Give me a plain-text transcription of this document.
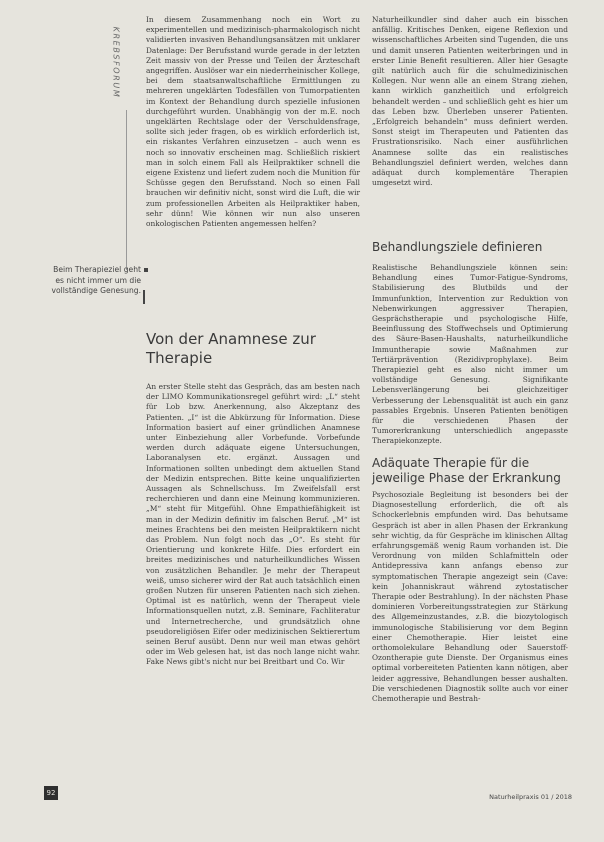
KREBSFORUM
Beim Therapieziel geht es nicht immer um die vollständige Genesung.

In diesem Zusammenhang noch ein Wort zu experimentellen und medizinisch-pharmakologisch nicht validierten invasiven Behandlungsansätzen mit unklarer Datenlage: Der Berufsstand wurde gerade in der letzten Zeit massiv von der Presse und Teilen der Ärzteschaft angegriffen. Auslöser war ein niederrheinischer Kollege, bei dem staatsanwaltschaftliche Ermittlungen zu mehreren ungeklärten Todesfällen von Tumorpatienten im Kontext der Behandlung durch spezielle infusionen durchgeführt wurden. Unabhängig von der m.E. noch ungeklärten Rechtslage oder der Verschuldensfrage, sollte sich jeder fragen, ob es wirklich erforderlich ist, ein riskantes Verfahren einzusetzen – auch wenn es noch so innovativ erscheinen mag. Schließlich riskiert man in solch einem Fall als Heilpraktiker schnell die eigene Existenz und liefert zudem noch die Munition für Schüsse gegen den Berufsstand. Noch so einen Fall brauchen wir definitiv nicht, sonst wird die Luft, die wir zum professionellen Arbeiten als Heilpraktiker haben, sehr dünn! Wie können wir nun also unseren onkologischen Patienten angemessen helfen?

Von der Anamnese zur Therapie

An erster Stelle steht das Gespräch, das am besten nach der LIMO Kommunikationsregel geführt wird: „L“ steht für Lob bzw. Anerkennung, also Akzeptanz des Patienten. „I“ ist die Abkürzung für Information. Diese Information basiert auf einer gründlichen Anamnese unter Einbeziehung aller Vorbefunde. Vorbefunde werden durch adäquate eigene Untersuchungen, Laboranalysen etc. ergänzt. Aussagen und Informationen sollten unbedingt dem aktuellen Stand der Medizin entsprechen. Bitte keine unqualifizierten Aussagen als Schnellschuss. Im Zweifelsfall erst recherchieren und dann eine Meinung kommunizieren. „M“ steht für Mitgefühl. Ohne Empathiefähigkeit ist man in der Medizin definitiv im falschen Beruf. „M“ ist meines Erachtens bei den meisten Heilpraktikern nicht das Problem. Nun folgt noch das „O“. Es steht für Orientierung und konkrete Hilfe. Dies erfordert ein breites medizinisches und naturheilkundliches Wissen von zusätzlichen Behandler. Je mehr der Therapeut weiß, umso sicherer wird der Rat auch tatsächlich einen großen Nutzen für unseren Patienten nach sich ziehen. Optimal ist es natürlich, wenn der Therapeut viele Informationsquellen nutzt, z.B. Seminare, Fachliteratur und Internetrecherche, und grundsätzlich ohne pseudoreligiösen Eifer oder medizinischen Sektierertum seinen Beruf ausübt. Denn nur weil man etwas gehört oder im Web gelesen hat, ist das noch lange nicht wahr. Fake News gibt's nicht nur bei Breitbart und Co. Wir

Naturheilkundler sind daher auch ein bisschen anfällig. Kritisches Denken, eigene Reflexion und wissenschaftliches Arbeiten sind Tugenden, die uns und damit unseren Patienten weiterbringen und in erster Linie Benefit resultieren. Aller hier Gesagte gilt natürlich auch für die schulmedizinischen Kollegen. Nur wenn alle an einem Strang ziehen, kann wirklich ganzheitlich und erfolgreich behandelt werden – und schließlich geht es hier um das Leben bzw. Überleben unserer Patienten. „Erfolgreich behandeln“ muss definiert werden. Sonst steigt im Therapeuten und Patienten das Frustrationsrisiko. Nach einer ausführlichen Anamnese sollte das ein realistisches Behandlungsziel definiert werden, welches dann adäquat durch komplementäre Therapien umgesetzt wird.

Behandlungsziele definieren

Realistische Behandlungsziele können sein: Behandlung eines Tumor-Fatigue-Syndroms, Stabilisierung des Blutbilds und der Immunfunktion, Intervention zur Reduktion von Nebenwirkungen aggressiver Therapien, Gesprächstherapie und psychologische Hilfe, Beeinflussung des Stoffwechsels und Optimierung des Säure-Basen-Haushalts, naturheilkundliche Immuntherapie sowie Maßnahmen zur Tertiärprävention (Rezidivprophylaxe). Beim Therapieziel geht es also nicht immer um vollständige Genesung. Signifikante Lebensverlängerung bei gleichzeitiger Verbesserung der Lebensqualität ist auch ein ganz passables Ergebnis. Unseren Patienten benötigen für die verschiedenen Phasen der Tumorerkrankung unterschiedlich angepasste Therapiekonzepte.

Adäquate Therapie für die jeweilige Phase der Erkrankung

Psychosoziale Begleitung ist besonders bei der Diagnosestellung erforderlich, die oft als Schockerlebnis empfunden wird. Das behutsame Gespräch ist aber in allen Phasen der Erkrankung sehr wichtig, da für Gespräche im klinischen Alltag erfahrungsgemäß wenig Raum vorhanden ist. Die Verordnung von milden Schlafmitteln oder Antidepressiva kann anfangs ebenso zur symptomatischen Therapie angezeigt sein (Cave: kein Johanniskraut während zytostatischer Therapie oder Bestrahlung). In der nächsten Phase dominieren Vorbereitungsstrategien zur Stärkung des Allgemeinzustandes, z.B. die biozytologisch immunologische Stabilisierung vor dem Beginn einer Chemotherapie. Hier leistet eine orthomolekulare Behandlung oder Sauerstoff-Ozontherapie gute Dienste. Der Organismus eines optimal vorbereiteten Patienten kann nötigen, aber leider aggressive, Behandlungen besser aushalten. Die verschiedenen Diagnostik sollte auch vor einer Chemotherapie und Bestrah-

92	Naturheilpraxis 01 / 2018
